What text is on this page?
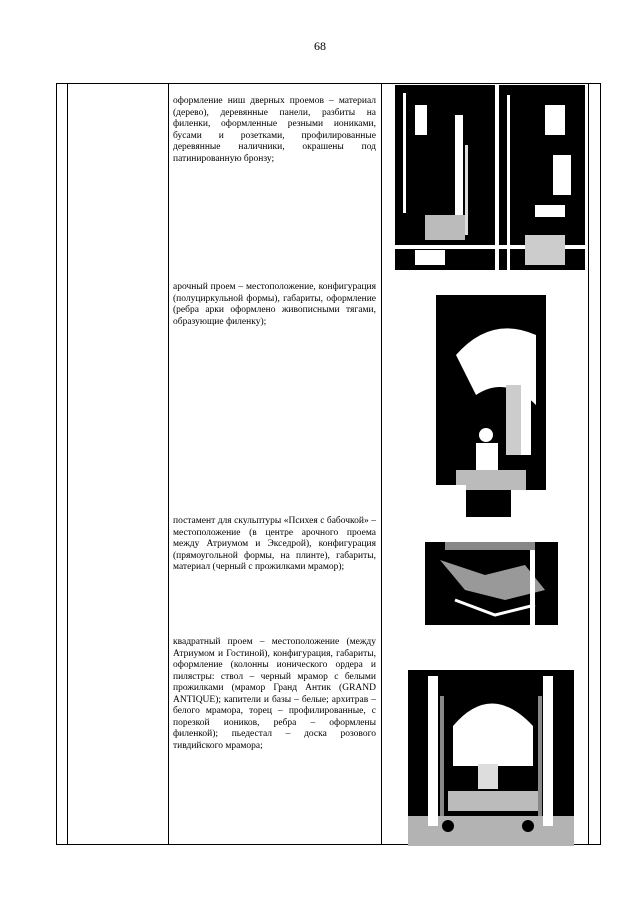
68
оформление ниш дверных проемов – материал (дерево), деревянные панели, разбиты на филенки, оформленные резными иониками, бусами и розетками, профилированные деревянные наличники, окрашены под патинированную бронзу;
арочный проем – местоположение, конфигурация (полуциркульной формы), габариты, оформление (ребра арки оформлено живописными тягами, образующие филенку);
постамент для скульптуры «Психея с бабочкой» – местоположение (в центре арочного проема между Атриумом и Экседрой), конфигурация (прямоугольной формы, на плинте), габариты, материал (черный с прожилками мрамор);
квадратный проем – местоположение (между Атриумом и Гостиной), конфигурация, габариты, оформление (колонны ионического ордера и пилястры: ствол – черный мрамор с белыми прожилками (мрамор Гранд Антик (GRAND ANTIQUE); капители и базы – белые; архитрав – белого мрамора, торец – профилированные, с порезкой иоников, ребра – оформлены филенкой); пьедестал – доска розового тивдийского мрамора;
